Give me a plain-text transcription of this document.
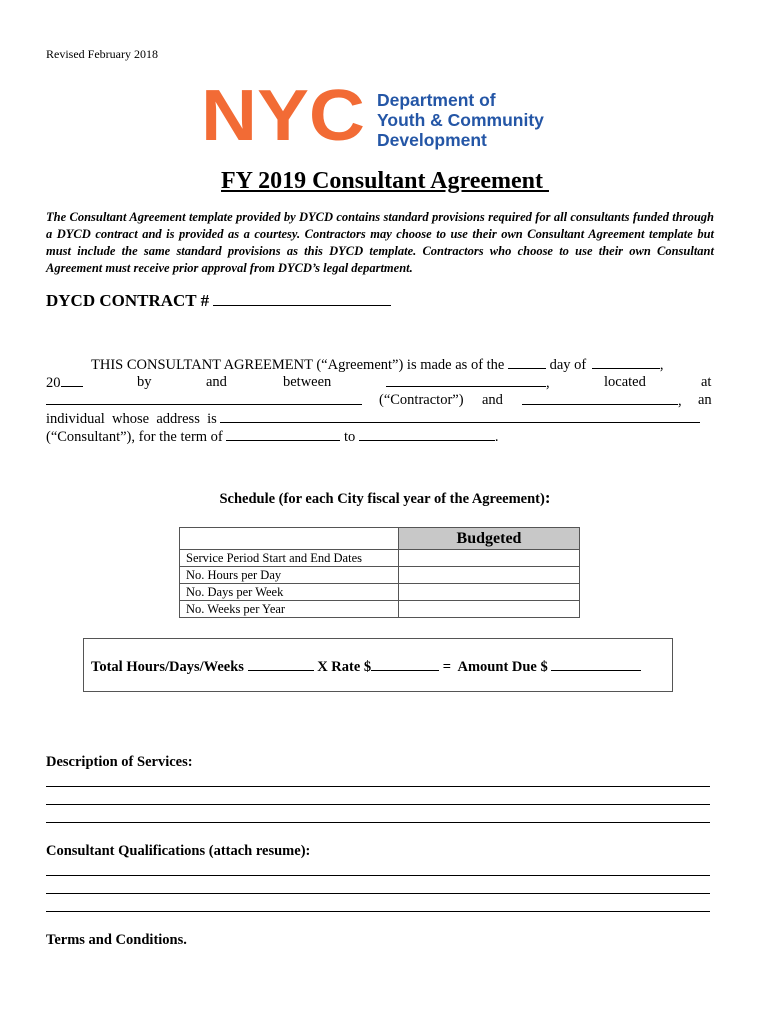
Revised February 2018
NYC Department of
Youth & Community
Development
FY 2019 Consultant Agreement
The Consultant Agreement template provided by DYCD contains standard provisions required for all consultants funded through a DYCD contract and is provided as a courtesy. Contractors may choose to use their own Consultant Agreement template but must include the same standard provisions as this DYCD template. Contractors who choose to use their own Consultant Agreement must receive prior approval from DYCD’s legal department.
DYCD CONTRACT #
THIS CONSULTANT AGREEMENT (“Agreement”) is made as of the	day of	,
20	by	and	between	,	located	at
(“Contractor”) and	, an
individual  whose  address  is
(“Consultant”), for the term of	to	.
Schedule (for each City fiscal year of the Agreement):
	Budgeted
Service Period Start and End Dates	
No. Hours per Day	
No. Days per Week	
No. Weeks per Year	
Total Hours/Days/Weeks	X Rate $	=  Amount Due $
Description of Services:
Consultant Qualifications (attach resume):
Terms and Conditions.
